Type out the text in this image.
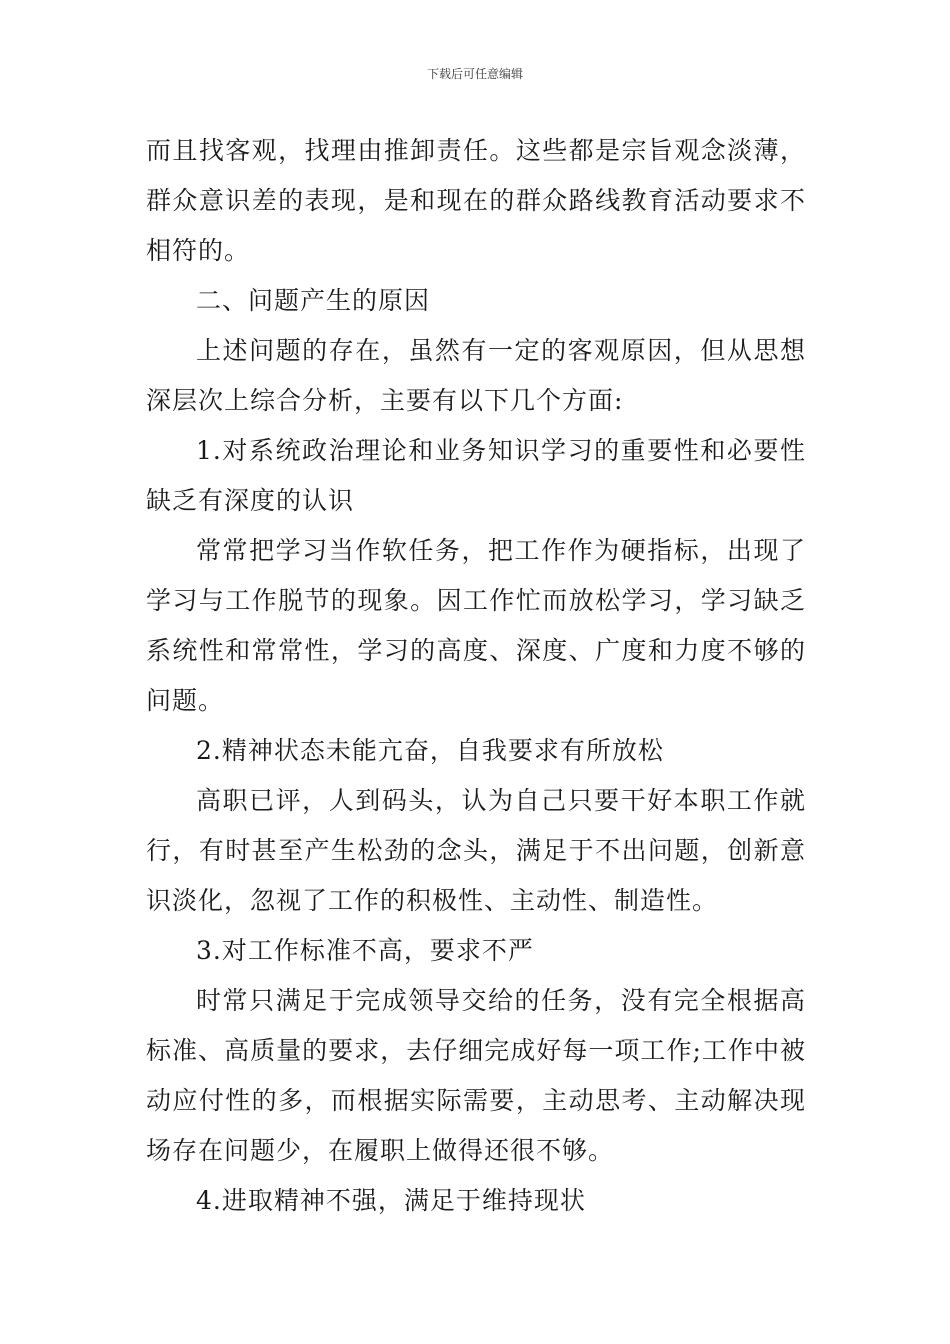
下载后可任意编辑

而且找客观，找理由推卸责任。这些都是宗旨观念淡薄，群众意识差的表现，是和现在的群众路线教育活动要求不相符的。

二、问题产生的原因

上述问题的存在，虽然有一定的客观原因，但从思想深层次上综合分析，主要有以下几个方面:

1.对系统政治理论和业务知识学习的重要性和必要性缺乏有深度的认识

常常把学习当作软任务，把工作作为硬指标，出现了学习与工作脱节的现象。因工作忙而放松学习，学习缺乏系统性和常常性，学习的高度、深度、广度和力度不够的问题。

2.精神状态未能亢奋，自我要求有所放松

高职已评，人到码头，认为自己只要干好本职工作就行，有时甚至产生松劲的念头，满足于不出问题，创新意识淡化，忽视了工作的积极性、主动性、制造性。

3.对工作标准不高，要求不严

时常只满足于完成领导交给的任务，没有完全根据高标准、高质量的要求，去仔细完成好每一项工作;工作中被动应付性的多，而根据实际需要，主动思考、主动解决现场存在问题少，在履职上做得还很不够。

4.进取精神不强，满足于维持现状
